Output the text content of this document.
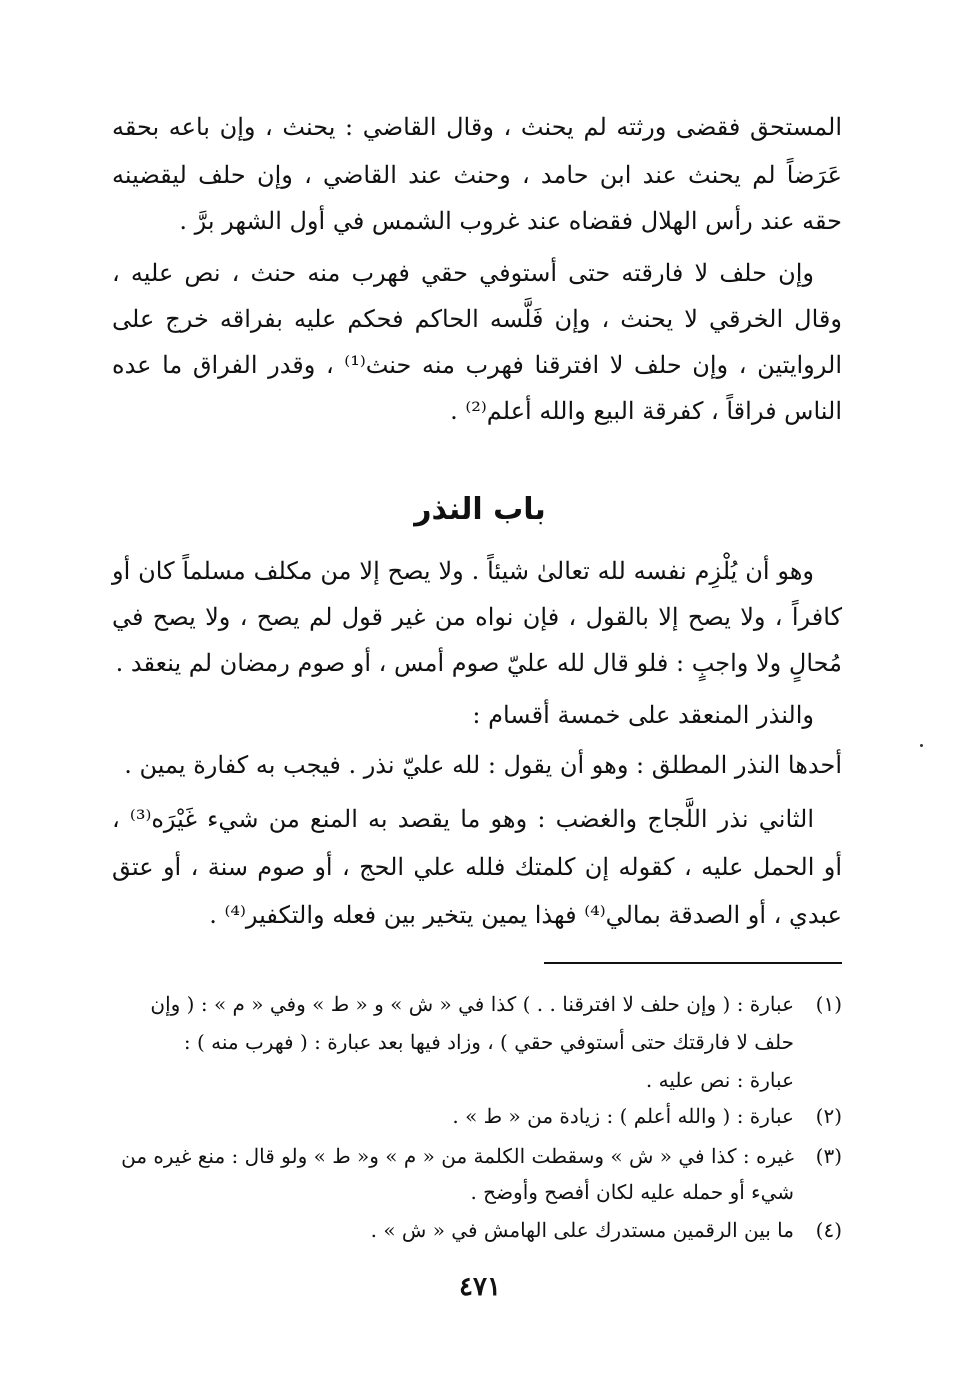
المستحق فقضى ورثته لم يحنث ، وقال القاضي : يحنث ، وإن باعه بحقه
عَرَضاً لم يحنث عند ابن حامد ، وحنث عند القاضي ، وإن حلف ليقضينه
حقه عند رأس الهلال فقضاه عند غروب الشمس في أول الشهر برَّ .
وإن حلف لا فارقته حتى أستوفي حقي فهرب منه حنث ، نص عليه ،
وقال الخرقي لا يحنث ، وإن فَلَّسه الحاكم فحكم عليه بفراقه خرج على
الروايتين ، وإن حلف لا افترقنا فهرب منه حنث⁽¹⁾ ، وقدر الفراق ما عده
الناس فراقاً ، كفرقة البيع والله أعلم⁽²⁾ .
وهو أن يُلْزِم نفسه لله تعالىٰ شيئاً . ولا يصح إلا من مكلف مسلماً كان أو
كافراً ، ولا يصح إلا بالقول ، فإن نواه من غير قول لم يصح ، ولا يصح في
مُحالٍ ولا واجبٍ : فلو قال لله عليّ صوم أمس ، أو صوم رمضان لم ينعقد .
والنذر المنعقد على خمسة أقسام :
أحدها النذر المطلق : وهو أن يقول : لله عليّ نذر . فيجب به كفارة يمين .
الثاني نذر اللَّجاج والغضب : وهو ما يقصد به المنع من شيء غَيْرَه⁽³⁾ ،
أو الحمل عليه ، كقوله إن كلمتك فلله علي الحج ، أو صوم سنة ، أو عتق
عبدي ، أو الصدقة بمالي⁽⁴⁾ فهذا يمين يتخير بين فعله والتكفير⁽⁴⁾ .
باب النذر
(١)عبارة : ( وإن حلف لا افترقنا . . ) كذا في « ش » و « ط » وفي « م » : ( وإن
حلف لا فارقتك حتى أستوفي حقي ) ، وزاد فيها بعد عبارة : ( فهرب منه ) :
عبارة : نص عليه .
(٢)عبارة : ( والله أعلم ) : زيادة من « ط » .
(٣)غيره : كذا في « ش » وسقطت الكلمة من « م » و« ط » ولو قال : منع غيره من
شيء أو حمله عليه لكان أفصح وأوضح .
(٤)ما بين الرقمين مستدرك على الهامش في « ش » .
٤٧١
